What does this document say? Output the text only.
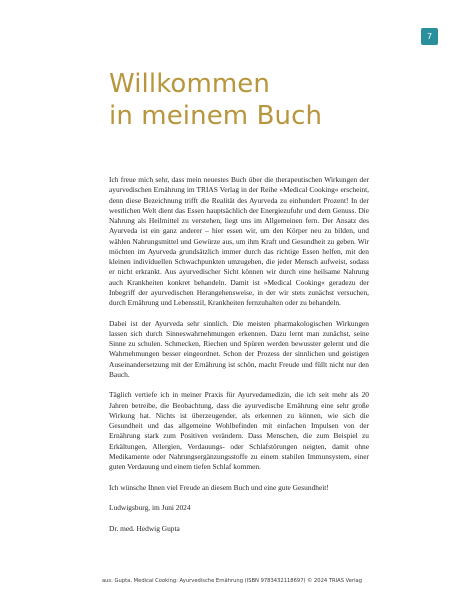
7
Willkommen
in meinem Buch

Ich freue mich sehr, dass mein neuestes Buch über die therapeutischen Wirkungen der ayurvedischen Ernährung im TRIAS Verlag in der Reihe »Medical Cooking« erscheint, denn diese Bezeichnung trifft die Realität des Ayurveda zu einhundert Prozent! In der westlichen Welt dient das Essen hauptsächlich der Energiezufuhr und dem Genuss. Die Nahrung als Heilmittel zu verstehen, liegt uns im Allgemeinen fern. Der Ansatz des Ayurveda ist ein ganz anderer – hier essen wir, um den Körper neu zu bilden, und wählen Nahrungsmittel und Gewürze aus, um ihm Kraft und Gesundheit zu geben. Wir möchten im Ayurveda grundsätzlich immer durch das richtige Essen helfen, mit den kleinen individuellen Schwachpunkten umzugehen, die jeder Mensch aufweist, sodass er nicht erkrankt. Aus ayurvedischer Sicht können wir durch eine heilsame Nahrung auch Krankheiten konkret behandeln. Damit ist »Medical Cooking« geradezu der Inbegriff der ayurvedischen Herangehensweise, in der wir stets zunächst versuchen, durch Ernährung und Lebensstil, Krankheiten fernzuhalten oder zu behandeln.

Dabei ist der Ayurveda sehr sinnlich. Die meisten pharmakologischen Wirkungen lassen sich durch Sinneswahrnehmungen erkennen. Dazu lernt man zunächst, seine Sinne zu schulen. Schmecken, Riechen und Spüren werden bewusster gelernt und die Wahrnehmungen besser eingeordnet. Schon der Prozess der sinnlichen und geistigen Auseinandersetzung mit der Ernährung ist schön, macht Freude und füllt nicht nur den Bauch.

Täglich vertiefe ich in meiner Praxis für Ayurvedamedizin, die ich seit mehr als 20 Jahren betreibe, die Beobachtung, dass die ayurvedische Ernährung eine sehr große Wirkung hat. Nichts ist überzeugender, als erkennen zu können, wie sich die Gesundheit und das allgemeine Wohlbefinden mit einfachen Impulsen von der Ernährung stark zum Positiven verändern. Dass Menschen, die zum Beispiel zu Erkältungen, Allergien, Verdauungs- oder Schlafstörungen neigten, damit ohne Medikamente oder Nahrungsergänzungsstoffe zu einem stabilen Immunsystem, einer guten Verdauung und einem tiefen Schlaf kommen.

Ich wünsche Ihnen viel Freude an diesem Buch und eine gute Gesundheit!

Ludwigsburg, im Juni 2024

Dr. med. Hedwig Gupta

aus: Gupta, Medical Cooking: Ayurvedische Ernährung (ISBN 9783432118697) © 2024 TRIAS Verlag
